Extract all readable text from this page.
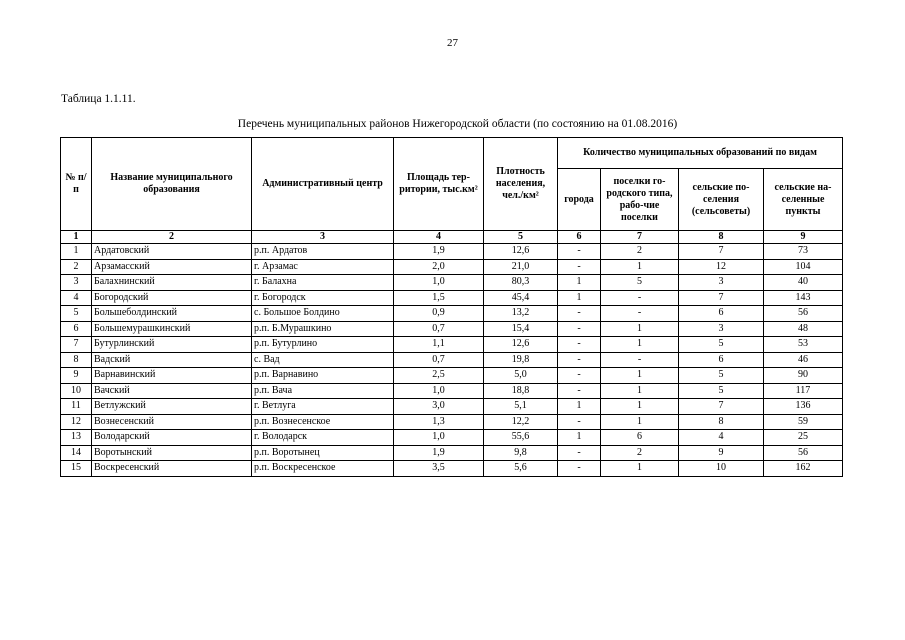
27
Таблица 1.1.11.
Перечень муниципальных районов Нижегородской области (по состоянию на 01.08.2016)
№ п/п	Название муниципального образования	Административный центр	Площадь тер-ритории, тыс.км²	Плотность населения, чел./км²	Количество муниципальных образований по видам			
					города	поселки го-родского типа, рабо-чие поселки	сельские по-селения (сельсоветы)	сельские на-селенные пункты
1	2	3	4	5	6	7	8	9
1	Ардатовский	р.п. Ардатов	1,9	12,6	-	2	7	73
2	Арзамасский	г. Арзамас	2,0	21,0	-	1	12	104
3	Балахнинский	г. Балахна	1,0	80,3	1	5	3	40
4	Богородский	г. Богородск	1,5	45,4	1	-	7	143
5	Большеболдинский	с. Большое Болдино	0,9	13,2	-	-	6	56
6	Большемурашкинский	р.п. Б.Мурашкино	0,7	15,4	-	1	3	48
7	Бутурлинский	р.п. Бутурлино	1,1	12,6	-	1	5	53
8	Вадский	с. Вад	0,7	19,8	-	-	6	46
9	Варнавинский	р.п. Варнавино	2,5	5,0	-	1	5	90
10	Вачский	р.п. Вача	1,0	18,8	-	1	5	117
11	Ветлужский	г. Ветлуга	3,0	5,1	1	1	7	136
12	Вознесенский	р.п. Вознесенское	1,3	12,2	-	1	8	59
13	Володарский	г. Володарск	1,0	55,6	1	6	4	25
14	Воротынский	р.п. Воротынец	1,9	9,8	-	2	9	56
15	Воскресенский	р.п. Воскресенское	3,5	5,6	-	1	10	162
